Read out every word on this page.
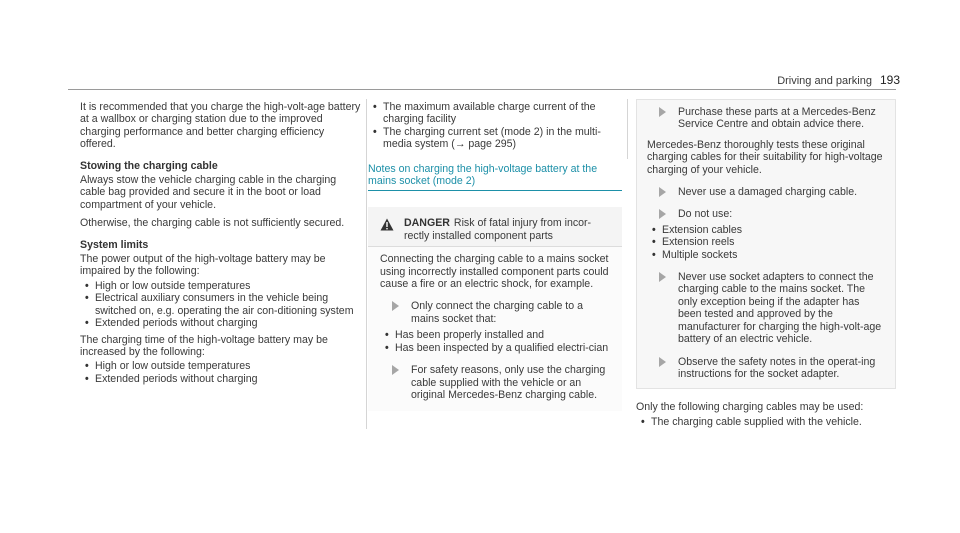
Driving and parking 193

It is recommended that you charge the high-volt-age battery at a wallbox or charging station due to the improved charging performance and better charging efficiency offered.

Stowing the charging cable

Always stow the vehicle charging cable in the charging cable bag provided and secure it in the boot or load compartment of your vehicle.

Otherwise, the charging cable is not sufficiently secured.

System limits

The power output of the high-voltage battery may be impaired by the following:

• High or low outside temperatures
• Electrical auxiliary consumers in the vehicle being switched on, e.g. operating the air con-ditioning system
• Extended periods without charging

The charging time of the high-voltage battery may be increased by the following:

• High or low outside temperatures
• Extended periods without charging
• The maximum available charge current of the charging facility
• The charging current set (mode 2) in the multi-media system (→ page 295)
Notes on charging the high-voltage battery at the mains socket (mode 2)
DANGER Risk of fatal injury from incor-rectly installed component parts

Connecting the charging cable to a mains socket using incorrectly installed component parts could cause a fire or an electric shock, for example.

Only connect the charging cable to a mains socket that:
• Has been properly installed and
• Has been inspected by a qualified electri-cian
For safety reasons, only use the charging cable supplied with the vehicle or an original Mercedes-Benz charging cable.
Purchase these parts at a Mercedes-Benz Service Centre and obtain advice there.

Mercedes-Benz thoroughly tests these original charging cables for their suitability for high-voltage charging of your vehicle.

Never use a damaged charging cable.
Do not use:
• Extension cables
• Extension reels
• Multiple sockets
Never use socket adapters to connect the charging cable to the mains socket. The only exception being if the adapter has been tested and approved by the manufacturer for charging the high-volt-age battery of an electric vehicle.
Observe the safety notes in the operat-ing instructions for the socket adapter.

Only the following charging cables may be used:

• The charging cable supplied with the vehicle.
